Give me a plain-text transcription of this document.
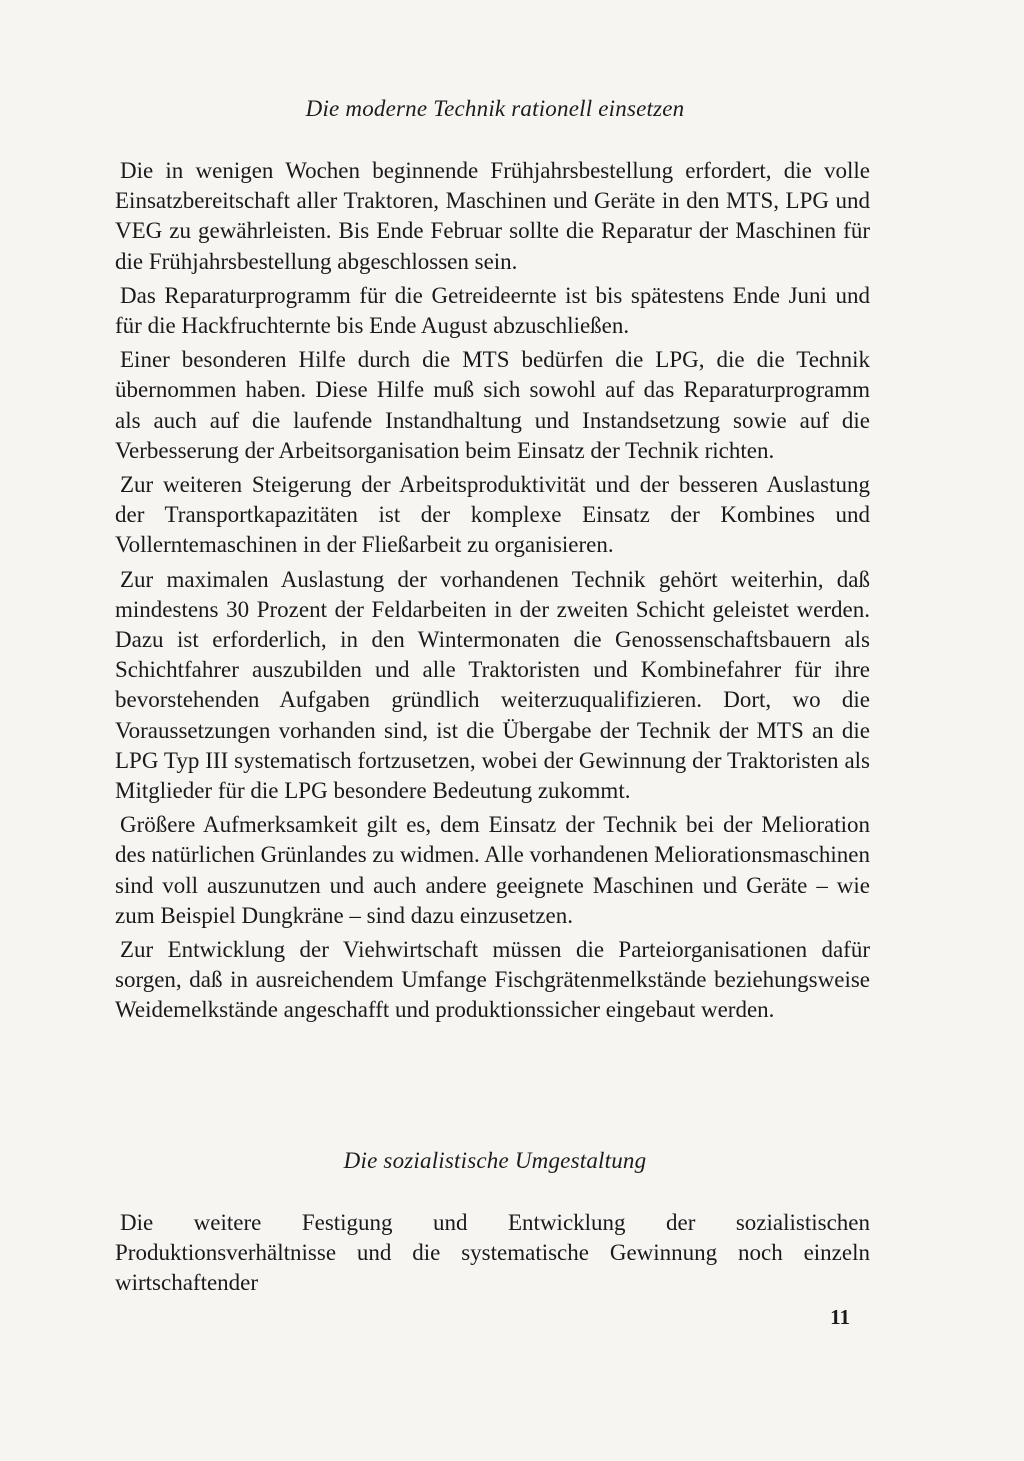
Die moderne Technik rationell einsetzen

Die in wenigen Wochen beginnende Frühjahrsbestellung erfordert, die volle Einsatzbereitschaft aller Traktoren, Maschinen und Geräte in den MTS, LPG und VEG zu gewährleisten. Bis Ende Februar sollte die Reparatur der Maschinen für die Frühjahrsbestellung abgeschlossen sein.

Das Reparaturprogramm für die Getreideernte ist bis spätestens Ende Juni und für die Hackfruchternte bis Ende August abzuschließen.

Einer besonderen Hilfe durch die MTS bedürfen die LPG, die die Technik übernommen haben. Diese Hilfe muß sich sowohl auf das Reparaturprogramm als auch auf die laufende Instandhaltung und Instandsetzung sowie auf die Verbesserung der Arbeitsorganisation beim Einsatz der Technik richten.

Zur weiteren Steigerung der Arbeitsproduktivität und der besseren Auslastung der Transportkapazitäten ist der komplexe Einsatz der Kombines und Vollerntemaschinen in der Fließarbeit zu organisieren.

Zur maximalen Auslastung der vorhandenen Technik gehört weiterhin, daß mindestens 30 Prozent der Feldarbeiten in der zweiten Schicht geleistet werden. Dazu ist erforderlich, in den Wintermonaten die Genossenschaftsbauern als Schichtfahrer auszubilden und alle Traktoristen und Kombinefahrer für ihre bevorstehenden Aufgaben gründlich weiterzuqualifizieren. Dort, wo die Voraussetzungen vorhanden sind, ist die Übergabe der Technik der MTS an die LPG Typ III systematisch fortzusetzen, wobei der Gewinnung der Traktoristen als Mitglieder für die LPG besondere Bedeutung zukommt.

Größere Aufmerksamkeit gilt es, dem Einsatz der Technik bei der Melioration des natürlichen Grünlandes zu widmen. Alle vorhandenen Meliorationsmaschinen sind voll auszunutzen und auch andere geeignete Maschinen und Geräte – wie zum Beispiel Dungkräne – sind dazu einzusetzen.

Zur Entwicklung der Viehwirtschaft müssen die Parteiorganisationen dafür sorgen, daß in ausreichendem Umfange Fischgrätenmelkstände beziehungsweise Weidemelkstände angeschafft und produktionssicher eingebaut werden.

Die sozialistische Umgestaltung

Die weitere Festigung und Entwicklung der sozialistischen Produktionsverhältnisse und die systematische Gewinnung noch einzeln wirtschaftender

11
